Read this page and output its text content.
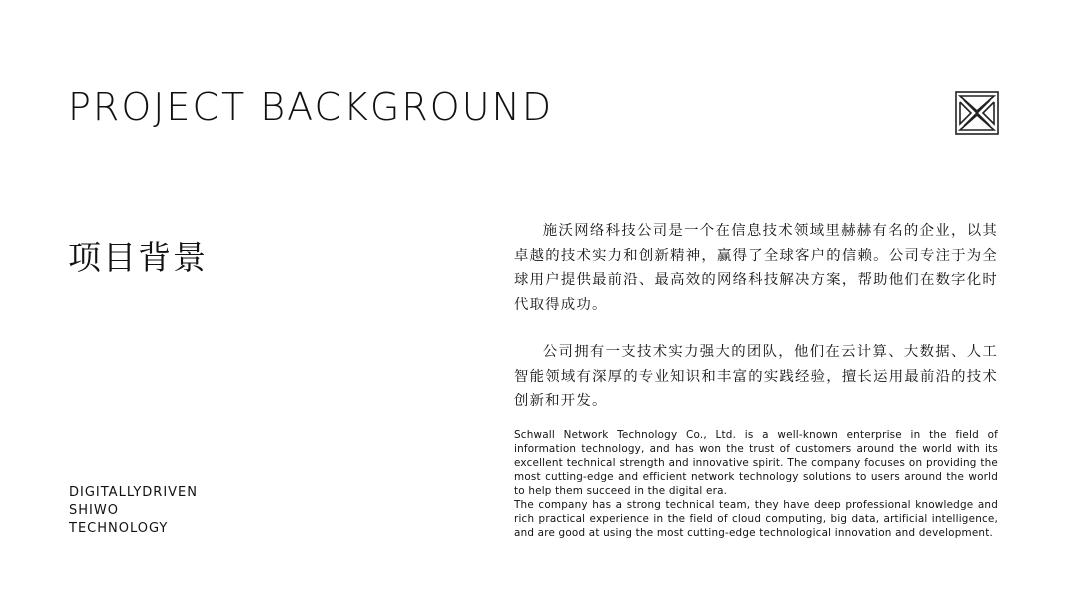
PROJECT BACKGROUND
项目背景
DIGITALLYDRIVEN
SHIWO
TECHNOLOGY

施沃网络科技公司是一个在信息技术领域里赫赫有名的企业，以其卓越的技术实力和创新精神，赢得了全球客户的信赖。公司专注于为全球用户提供最前沿、最高效的网络科技解决方案，帮助他们在数字化时代取得成功。

公司拥有一支技术实力强大的团队，他们在云计算、大数据、人工智能领域有深厚的专业知识和丰富的实践经验，擅长运用最前沿的技术创新和开发。

Schwall Network Technology Co., Ltd. is a well-known enterprise in the field of information technology, and has won the trust of customers around the world with its excellent technical strength and innovative spirit. The company focuses on providing the most cutting-edge and efficient network technology solutions to users around the world to help them succeed in the digital era.

The company has a strong technical team, they have deep professional knowledge and rich practical experience in the field of cloud computing, big data, artificial intelligence, and are good at using the most cutting-edge technological innovation and development.
